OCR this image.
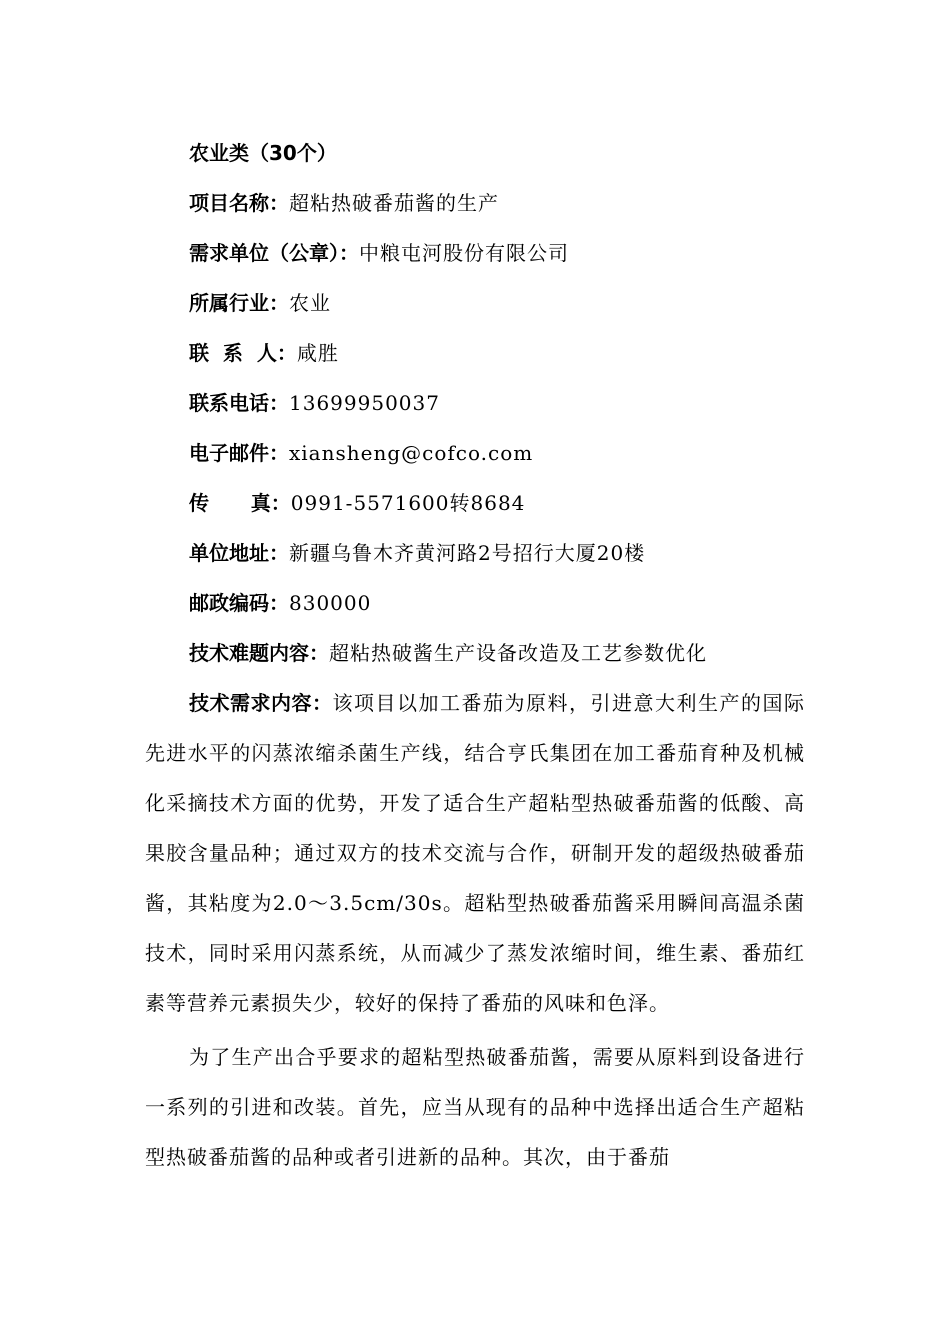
农业类（30个）
项目名称：超粘热破番茄酱的生产
需求单位（公章）：中粮屯河股份有限公司
所属行业：农业
联  系  人：咸胜
联系电话：13699950037
电子邮件：xiansheng@cofco.com
传      真：0991-5571600转8684
单位地址：新疆乌鲁木齐黄河路2号招行大厦20楼
邮政编码：830000
技术难题内容：超粘热破酱生产设备改造及工艺参数优化

技术需求内容：该项目以加工番茄为原料，引进意大利生产的国际先进水平的闪蒸浓缩杀菌生产线，结合亨氏集团在加工番茄育种及机械化采摘技术方面的优势，开发了适合生产超粘型热破番茄酱的低酸、高果胶含量品种；通过双方的技术交流与合作，研制开发的超级热破番茄酱，其粘度为2.0～3.5cm/30s。超粘型热破番茄酱采用瞬间高温杀菌技术，同时采用闪蒸系统，从而减少了蒸发浓缩时间，维生素、番茄红素等营养元素损失少，较好的保持了番茄的风味和色泽。

为了生产出合乎要求的超粘型热破番茄酱，需要从原料到设备进行一系列的引进和改装。首先，应当从现有的品种中选择出适合生产超粘型热破番茄酱的品种或者引进新的品种。其次，由于番茄
